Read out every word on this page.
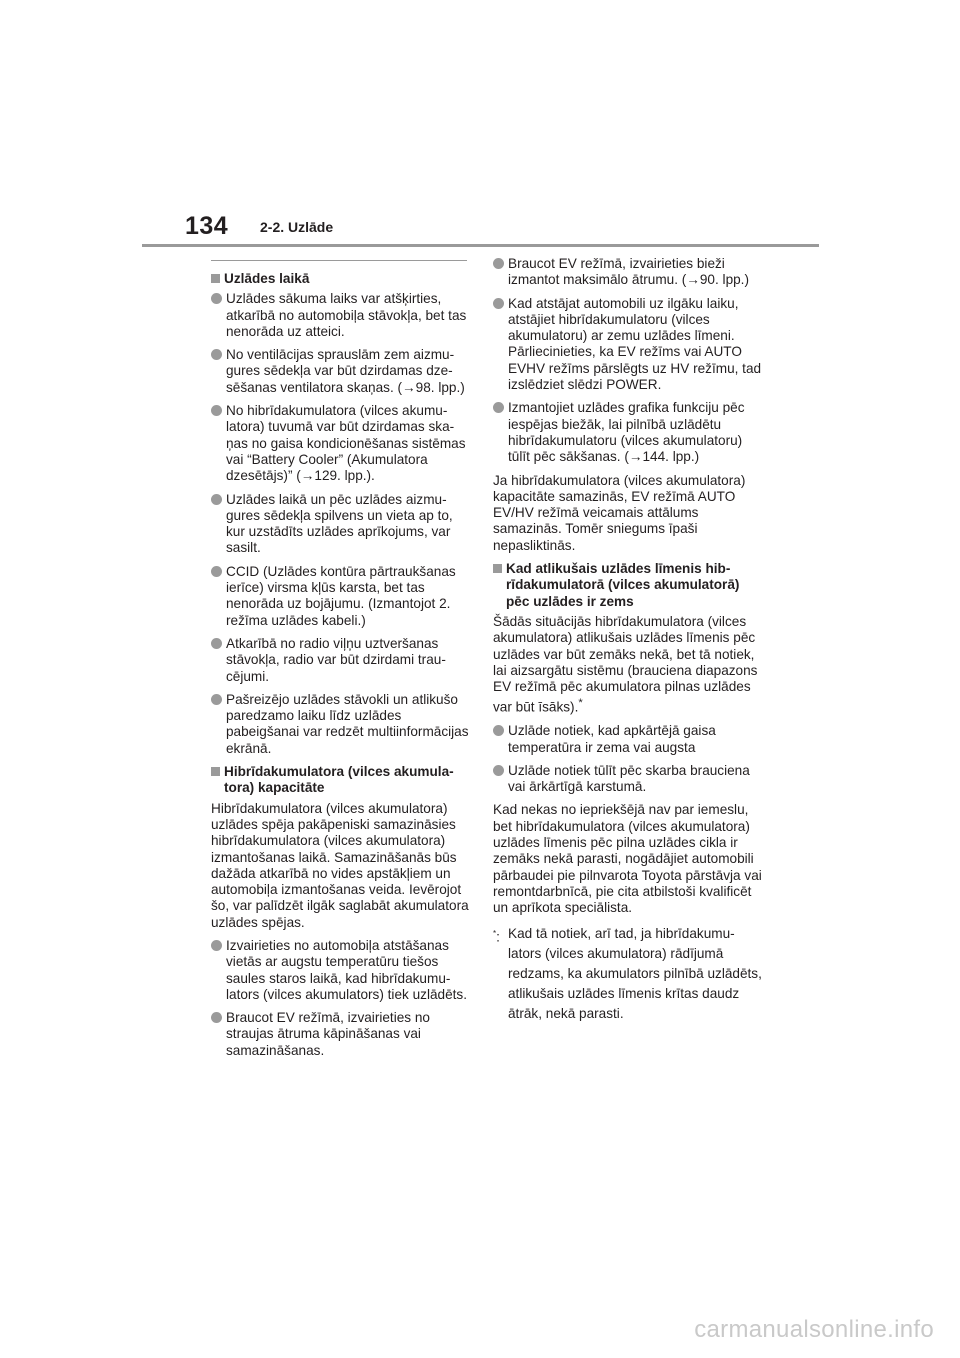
134 2-2. Uzlāde
Uzlādes laikā
Uzlādes sākuma laiks var atšķirties, atkarībā no automobiļa stāvokļa, bet tas nenorāda uz atteici.
No ventilācijas sprauslām zem aizmugures sēdekļa var būt dzirdamas dzesēšanas ventilatora skaņas. (→98. lpp.)
No hibrīdakumulatora (vilces akumulatora) tuvumā var būt dzirdamas skaņas no gaisa kondicionēšanas sistēmas vai “Battery Cooler” (Akumulatora dzesētājs)” (→129. lpp.).
Uzlādes laikā un pēc uzlādes aizmugures sēdekļa spilvens un vieta ap to, kur uzstādīts uzlādes aprīkojums, var sasilt.
CCID (Uzlādes kontūra pārtraukšanas ierīce) virsma kļūs karsta, bet tas nenorāda uz bojājumu. (Izmantojot 2. režīma uzlādes kabeli.)
Atkarībā no radio viļņu uztveršanas stāvokļa, radio var būt dzirdami traucējumi.
Pašreizējo uzlādes stāvokli un atlikušo paredzamo laiku līdz uzlādes pabeigšanai var redzēt multiinformācijas ekrānā.
Hibrīdakumulatora (vilces akumulatora) kapacitāte
Hibrīdakumulatora (vilces akumulatora) uzlādes spēja pakāpeniski samazināsies hibrīdakumulatora (vilces akumulatora) izmantošanas laikā. Samazināšanās būs dažāda atkarībā no vides apstākļiem un automobiļa izmantošanas veida. Ievērojot šo, var palīdzēt ilgāk saglabāt akumulatora uzlādes spējas.
Izvairieties no automobiļa atstāšanas vietās ar augstu temperatūru tiešos saules staros laikā, kad hibrīdakumulators (vilces akumulators) tiek uzlādēts.
Braucot EV režīmā, izvairieties no straujas ātruma kāpināšanas vai samazināšanas.
Braucot EV režīmā, izvairieties bieži izmantot maksimālo ātrumu. (→90. lpp.)
Kad atstājat automobili uz ilgāku laiku, atstājiet hibrīdakumulatoru (vilces akumulatoru) ar zemu uzlādes līmeni. Pārliecinieties, ka EV režīms vai AUTO EVHV režīms pārslēgts uz HV režīmu, tad izslēdziet slēdzi POWER.
Izmantojiet uzlādes grafika funkciju pēc iespējas biežāk, lai pilnībā uzlādētu hibrīdakumulatoru (vilces akumulatoru) tūlīt pēc sākšanas. (→144. lpp.)
Ja hibrīdakumulatora (vilces akumulatora) kapacitāte samazinās, EV režīmā AUTO EV/HV režīmā veicamais attālums samazinās. Tomēr sniegums īpaši nepasliktinās.
Kad atlikušais uzlādes līmenis hibrīdakumulatorā (vilces akumulatorā) pēc uzlādes ir zems
Šādās situācijās hibrīdakumulatora (vilces akumulatora) atlikušais uzlādes līmenis pēc uzlādes var būt zemāks nekā, bet tā notiek, lai aizsargātu sistēmu (brauciena diapazons EV režīmā pēc akumulatora pilnas uzlādes var būt īsāks).*
Uzlāde notiek, kad apkārtējā gaisa temperatūra ir zema vai augsta
Uzlāde notiek tūlīt pēc skarba brauciena vai ārkārtīgā karstumā.
Kad nekas no iepriekšējā nav par iemeslu, bet hibrīdakumulatora (vilces akumulatora) uzlādes līmenis pēc pilna uzlādes cikla ir zemāks nekā parasti, nogādājiet automobili pārbaudei pie pilnvarota Toyota pārstāvja vai remontdarbnīcā, pie cita atbilstoši kvalificēt un aprīkota speciālista.
*: Kad tā notiek, arī tad, ja hibrīdakumulators (vilces akumulatora) rādījumā redzams, ka akumulators pilnībā uzlādēts, atlikušais uzlādes līmenis krītas daudz ātrāk, nekā parasti.
carmanualsonline.info
